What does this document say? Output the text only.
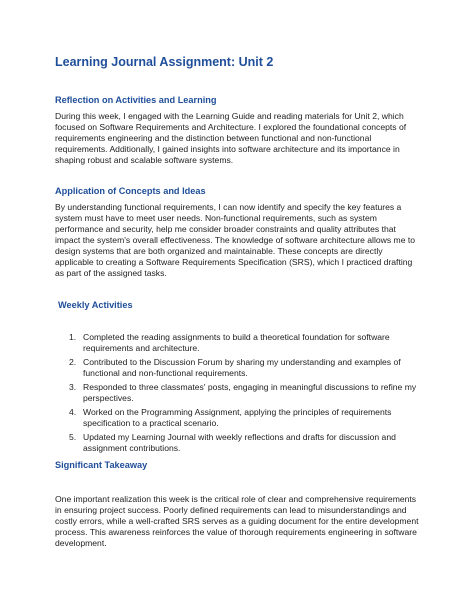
Learning Journal Assignment: Unit 2
Reflection on Activities and Learning
During this week, I engaged with the Learning Guide and reading materials for Unit 2, which
focused on Software Requirements and Architecture. I explored the foundational concepts of
requirements engineering and the distinction between functional and non-functional
requirements. Additionally, I gained insights into software architecture and its importance in
shaping robust and scalable software systems.
Application of Concepts and Ideas
By understanding functional requirements, I can now identify and specify the key features a
system must have to meet user needs. Non-functional requirements, such as system
performance and security, help me consider broader constraints and quality attributes that
impact the system's overall effectiveness. The knowledge of software architecture allows me to
design systems that are both organized and maintainable. These concepts are directly
applicable to creating a Software Requirements Specification (SRS), which I practiced drafting
as part of the assigned tasks.
Weekly Activities
1. Completed the reading assignments to build a theoretical foundation for software
requirements and architecture.
2. Contributed to the Discussion Forum by sharing my understanding and examples of
functional and non-functional requirements.
3. Responded to three classmates' posts, engaging in meaningful discussions to refine my
perspectives.
4. Worked on the Programming Assignment, applying the principles of requirements
specification to a practical scenario.
5. Updated my Learning Journal with weekly reflections and drafts for discussion and
assignment contributions.
Significant Takeaway
One important realization this week is the critical role of clear and comprehensive requirements
in ensuring project success. Poorly defined requirements can lead to misunderstandings and
costly errors, while a well-crafted SRS serves as a guiding document for the entire development
process. This awareness reinforces the value of thorough requirements engineering in software
development.
